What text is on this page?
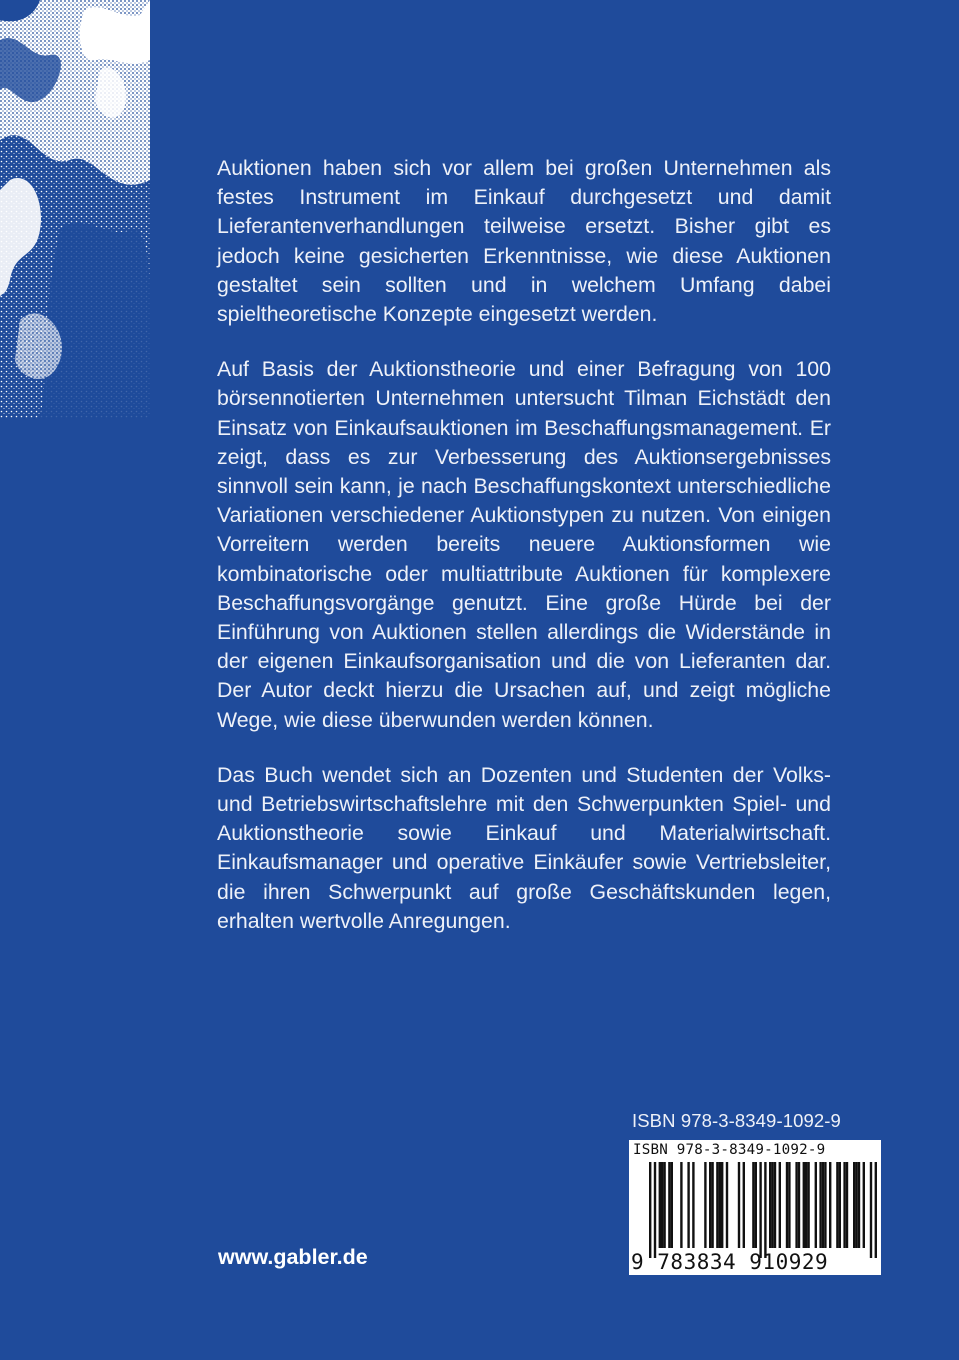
Auktionen haben sich vor allem bei großen Unternehmen als festes Instrument im Einkauf durchgesetzt und damit Lieferantenverhandlungen teilweise ersetzt. Bisher gibt es jedoch keine gesicherten Erkenntnisse, wie diese Auktionen gestaltet sein sollten und in welchem Umfang dabei spieltheoretische Konzepte eingesetzt werden.

Auf Basis der Auktionstheorie und einer Befragung von 100 börsennotierten Unternehmen untersucht Tilman Eichstädt den Einsatz von Einkaufsauktionen im Beschaffungsmanagement. Er zeigt, dass es zur Verbesserung des Auktionsergebnisses sinnvoll sein kann, je nach Beschaffungskontext unterschiedliche Variationen verschiedener Auktionstypen zu nutzen. Von einigen Vorreitern werden bereits neuere Auktionsformen wie kombinatorische oder multiattribute Auktionen für komplexere Beschaffungsvorgänge genutzt. Eine große Hürde bei der Einführung von Auktionen stellen allerdings die Widerstände in der eigenen Einkaufsorganisation und die von Lieferanten dar. Der Autor deckt hierzu die Ursachen auf, und zeigt mögliche Wege, wie diese überwunden werden können.

Das Buch wendet sich an Dozenten und Studenten der Volks- und Betriebswirtschaftslehre mit den Schwerpunkten Spiel- und Auktionstheorie sowie Einkauf und Materialwirtschaft. Einkaufsmanager und operative Einkäufer sowie Vertriebsleiter, die ihren Schwerpunkt auf große Geschäftskunden legen, erhalten wertvolle Anregungen.

ISBN 978-3-8349-1092-9
ISBN 978-3-8349-1092-9
9 783834 910929
www.gabler.de
